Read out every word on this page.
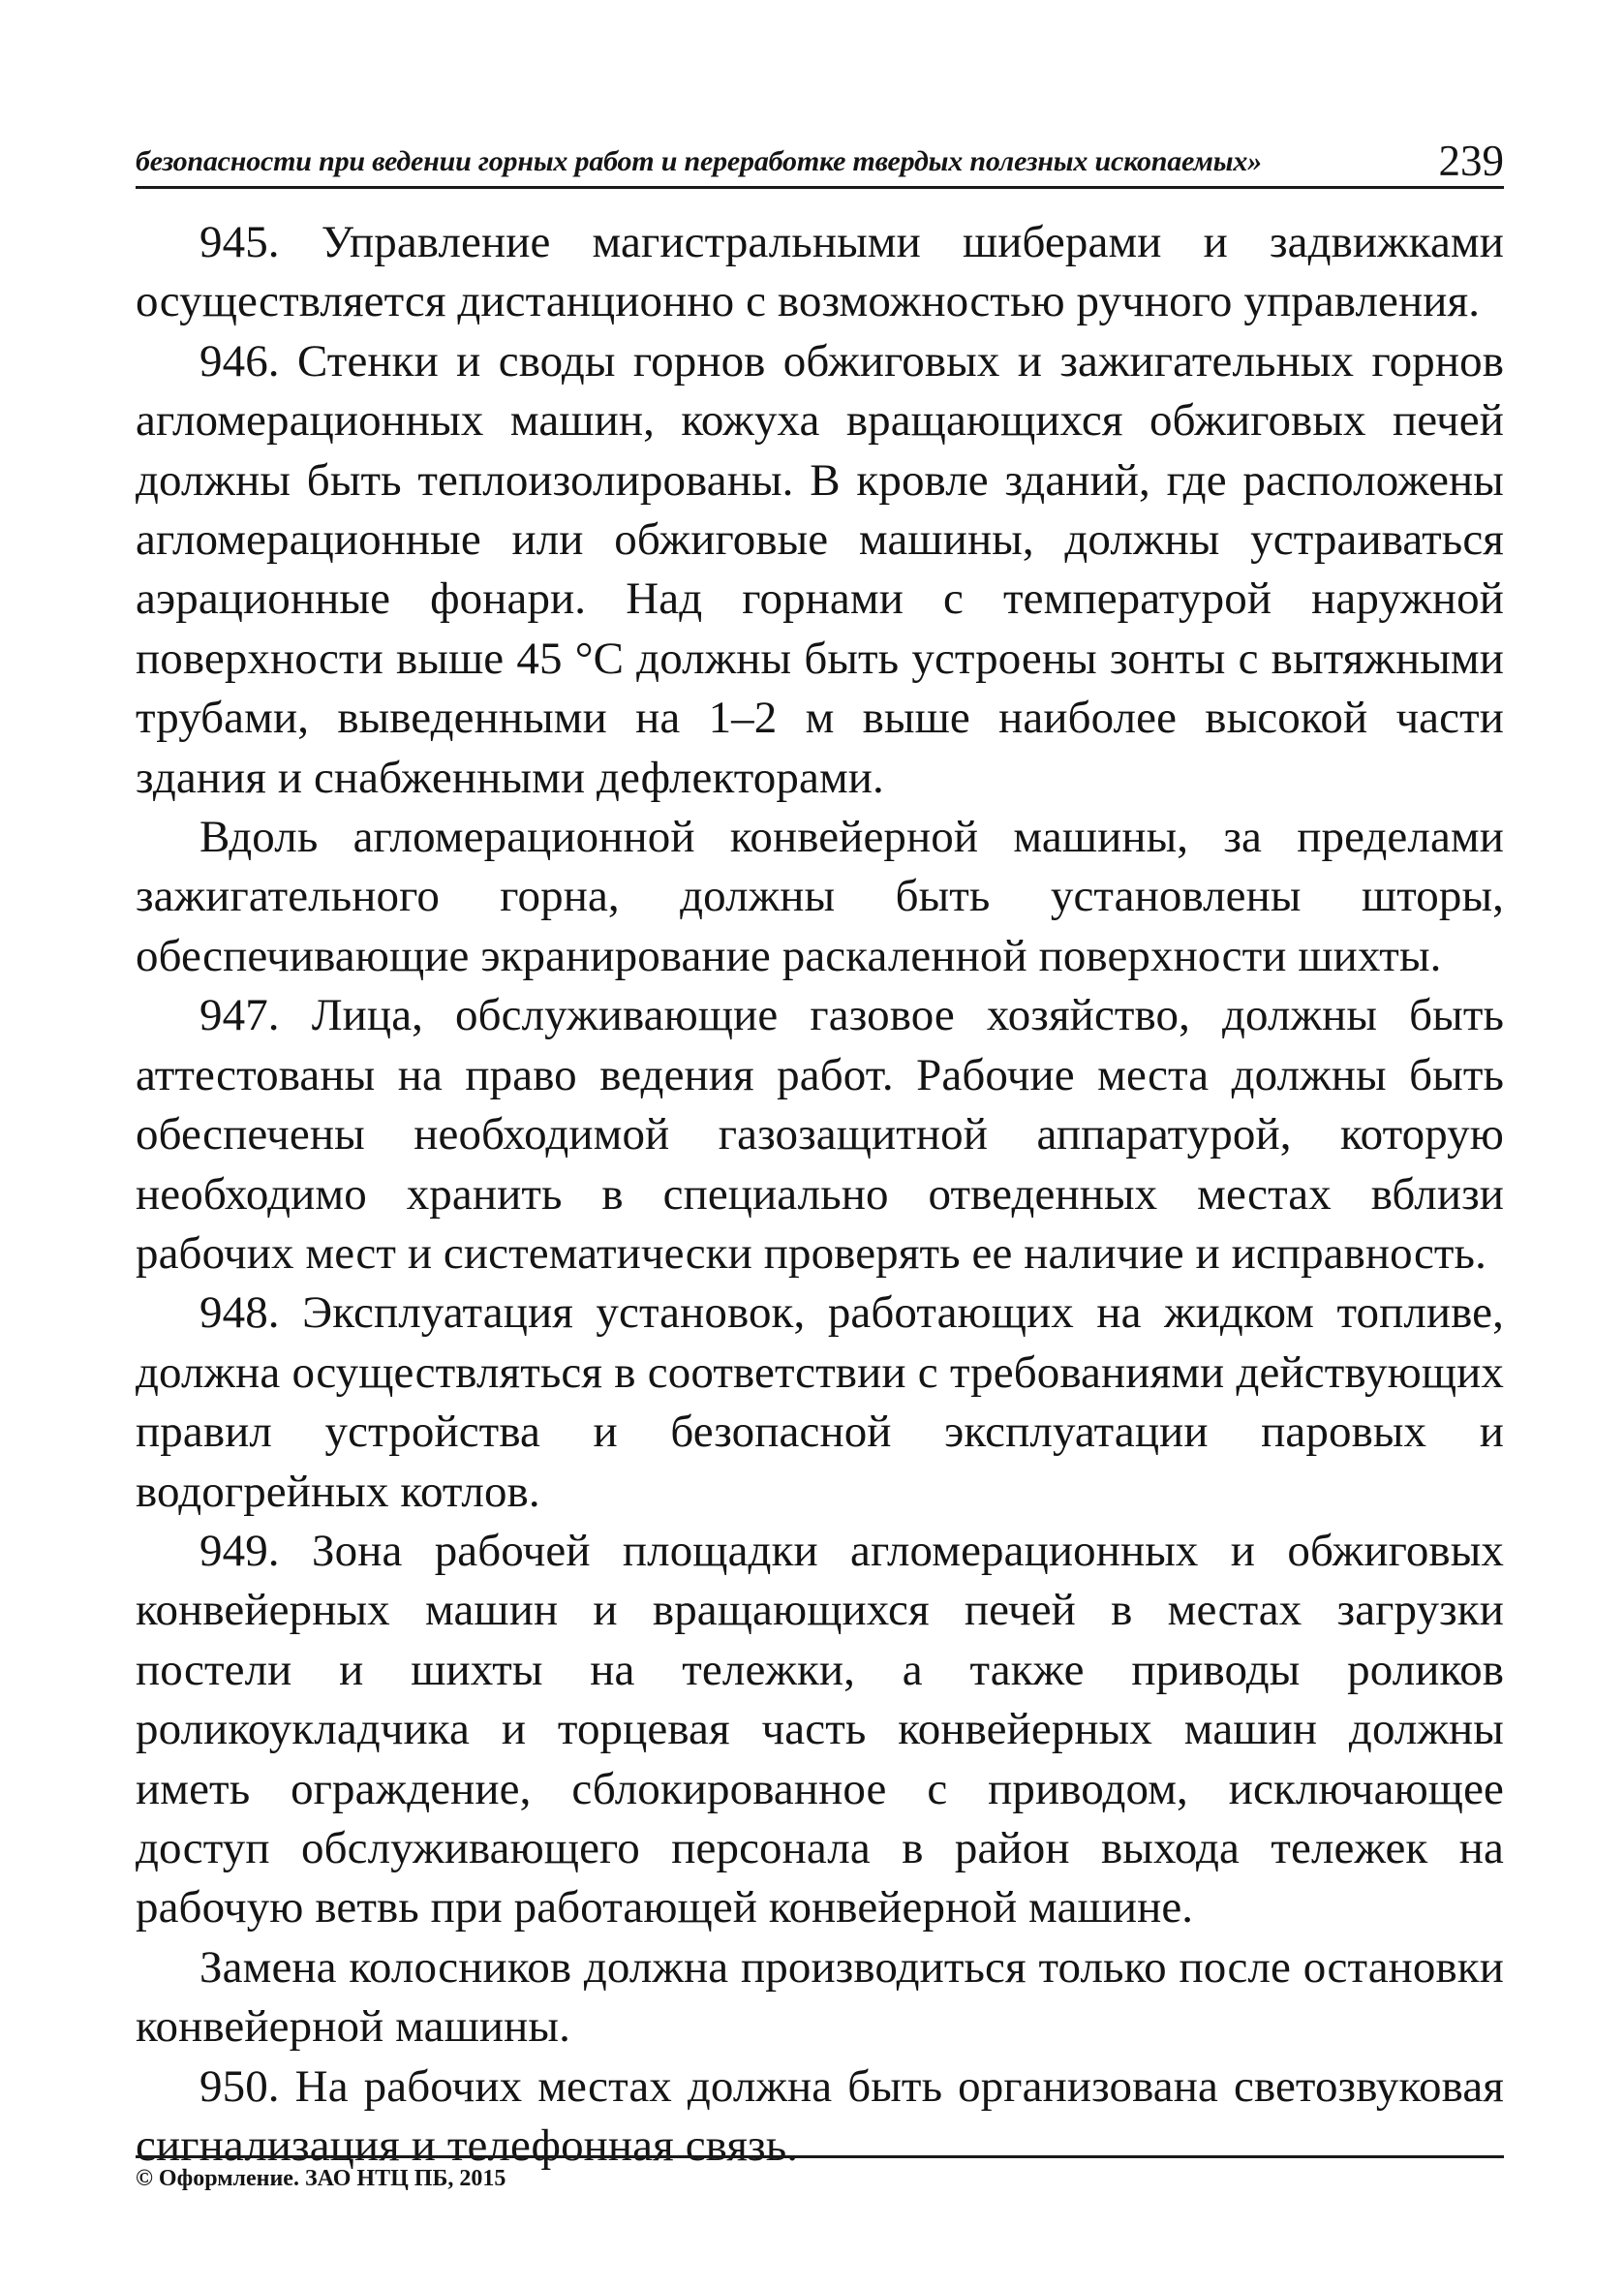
безопасности при ведении горных работ и переработке твердых полезных ископаемых»	239

945. Управление магистральными шиберами и задвижками осуществляется дистанционно с возможностью ручного управления.

946. Стенки и своды горнов обжиговых и зажигательных горнов агломерационных машин, кожуха вращающихся обжиговых печей должны быть теплоизолированы. В кровле зданий, где расположены агломерационные или обжиговые машины, должны устраиваться аэрационные фонари. Над горнами с температурой наружной поверхности выше 45 °С должны быть устроены зонты с вытяжными трубами, выведенными на 1–2 м выше наиболее высокой части здания и снабженными дефлекторами.

Вдоль агломерационной конвейерной машины, за пределами зажигательного горна, должны быть установлены шторы, обеспечивающие экранирование раскаленной поверхности шихты.

947. Лица, обслуживающие газовое хозяйство, должны быть аттестованы на право ведения работ. Рабочие места должны быть обеспечены необходимой газозащитной аппаратурой, которую необходимо хранить в специально отведенных местах вблизи рабочих мест и систематически проверять ее наличие и исправность.

948. Эксплуатация установок, работающих на жидком топливе, должна осуществляться в соответствии с требованиями действующих правил устройства и безопасной эксплуатации паровых и водогрейных котлов.

949. Зона рабочей площадки агломерационных и обжиговых конвейерных машин и вращающихся печей в местах загрузки постели и шихты на тележки, а также приводы роликов роликоукладчика и торцевая часть конвейерных машин должны иметь ограждение, сблокированное с приводом, исключающее доступ обслуживающего персонала в район выхода тележек на рабочую ветвь при работающей конвейерной машине.

Замена колосников должна производиться только после остановки конвейерной машины.

950. На рабочих местах должна быть организована светозвуковая сигнализация и телефонная связь.

© Оформление. ЗАО НТЦ ПБ, 2015
